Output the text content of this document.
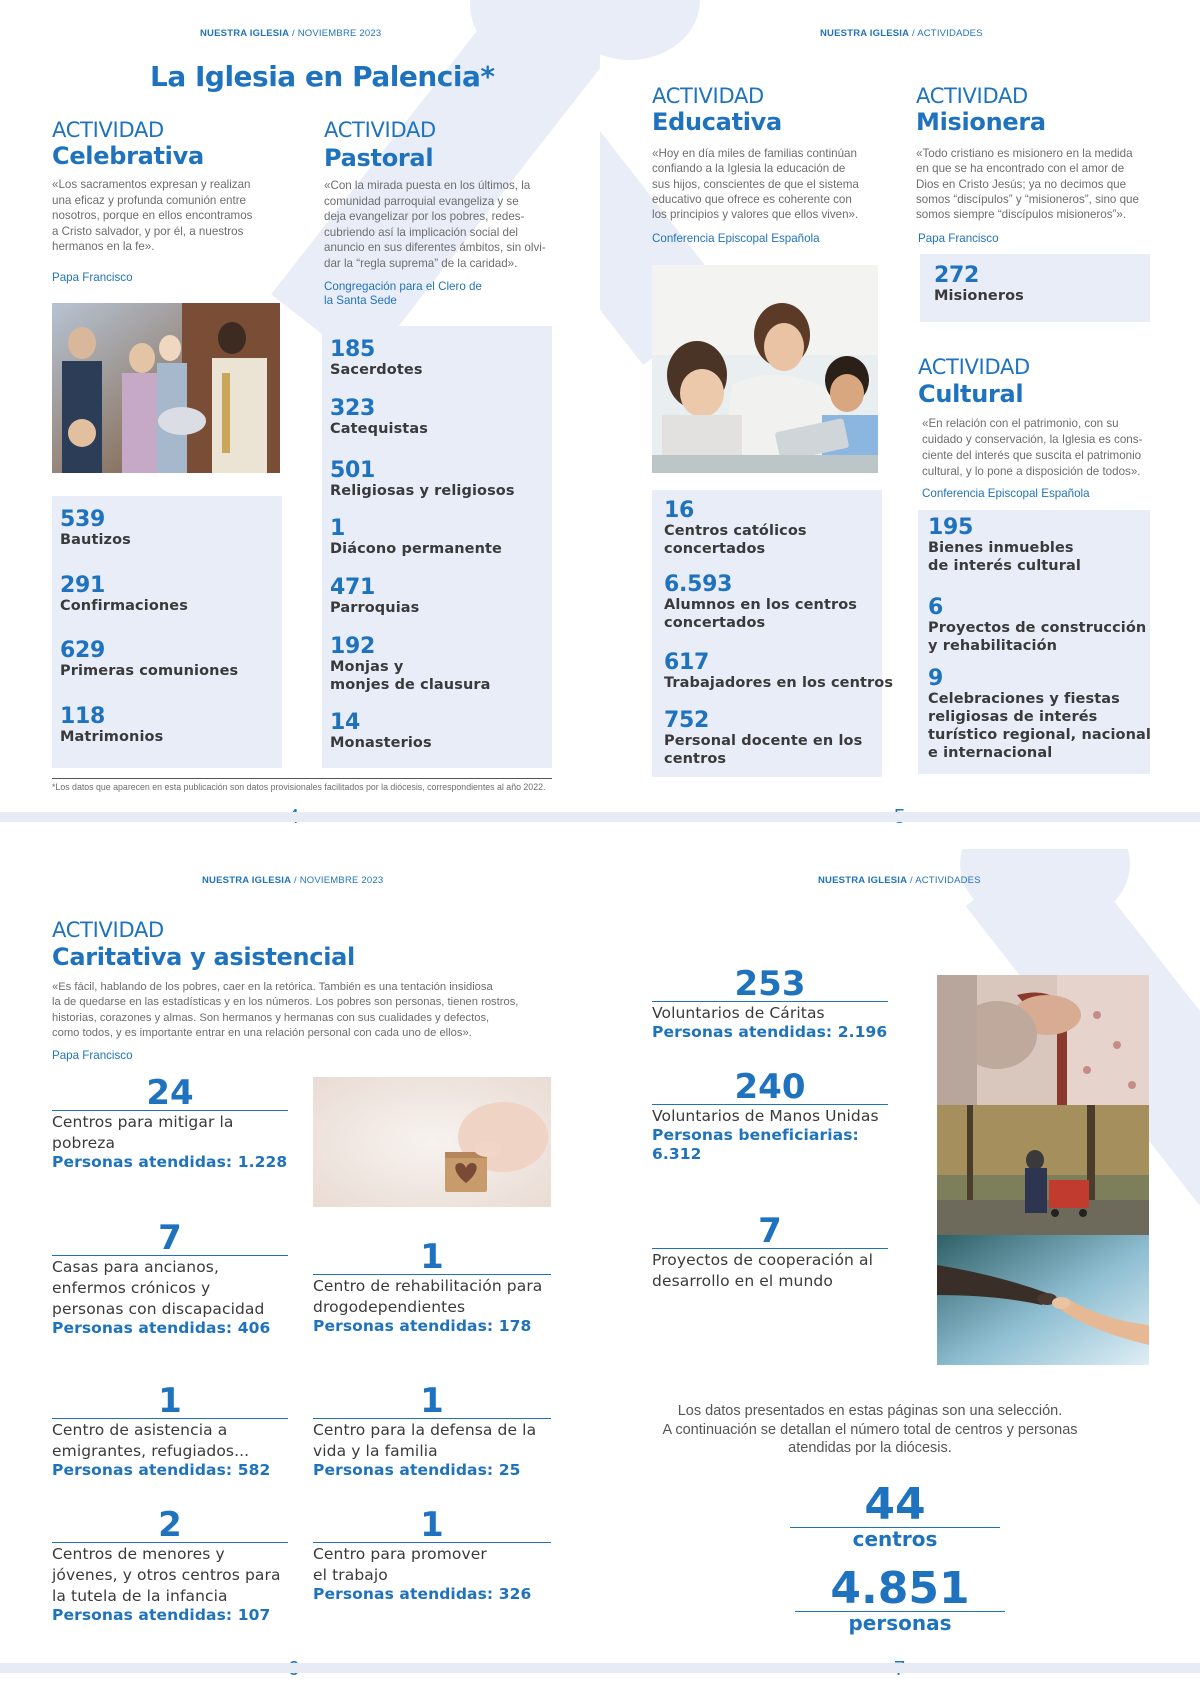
NUESTRA IGLESIA / NOVIEMBRE 2023
La Iglesia en Palencia*
ACTIVIDAD
Celebrativa
«Los sacramentos expresan y realizan
una eficaz y profunda comunión entre
nosotros, porque en ellos encontramos
a Cristo salvador, y por él, a nuestros
hermanos en la fe».
Papa Francisco
539
Bautizos
291
Confirmaciones
629
Primeras comuniones
118
Matrimonios
ACTIVIDAD
Pastoral
«Con la mirada puesta en los últimos, la
comunidad parroquial evangeliza y se
deja evangelizar por los pobres, redes-
cubriendo así la implicación social del
anuncio en sus diferentes ámbitos, sin olvi-
dar la “regla suprema” de la caridad».
Congregación para el Clero de
la Santa Sede
185
Sacerdotes
323
Catequistas
501
Religiosas y religiosos
1
Diácono permanente
471
Parroquias
192
Monjas y
monjes de clausura
14
Monasterios
*Los datos que aparecen en esta publicación son datos provisionales facilitados por la diócesis, correspondientes al año 2022.
NUESTRA IGLESIA / ACTIVIDADES
ACTIVIDAD
Educativa
«Hoy en día miles de familias continúan
confiando a la Iglesia la educación de
sus hijos, conscientes de que el sistema
educativo que ofrece es coherente con
los principios y valores que ellos viven».
Conferencia Episcopal Española
16
Centros católicos
concertados
6.593
Alumnos en los centros
concertados
617
Trabajadores en los centros
752
Personal docente en los
centros
ACTIVIDAD
Misionera
«Todo cristiano es misionero en la medida
en que se ha encontrado con el amor de
Dios en Cristo Jesús; ya no decimos que
somos “discípulos” y “misioneros”, sino que
somos siempre “discípulos misioneros”».
Papa Francisco
272
Misioneros
ACTIVIDAD
Cultural
«En relación con el patrimonio, con su
cuidado y conservación, la Iglesia es cons-
ciente del interés que suscita el patrimonio
cultural, y lo pone a disposición de todos».
Conferencia Episcopal Española
195
Bienes inmuebles
de interés cultural
6
Proyectos de construcción
y rehabilitación
9
Celebraciones y fiestas
religiosas de interés
turístico regional, nacional
e internacional
NUESTRA IGLESIA / NOVIEMBRE 2023
ACTIVIDAD
Caritativa y asistencial
«Es fácil, hablando de los pobres, caer en la retórica. También es una tentación insidiosa
la de quedarse en las estadísticas y en los números. Los pobres son personas, tienen rostros,
historias, corazones y almas. Son hermanos y hermanas con sus cualidades y defectos,
como todos, y es importante entrar en una relación personal con cada uno de ellos».
Papa Francisco
24
Centros para mitigar la
pobreza
Personas atendidas: 1.228
7
Casas para ancianos,
enfermos crónicos y
personas con discapacidad
Personas atendidas: 406
1
Centro de rehabilitación para
drogodependientes
Personas atendidas: 178
1
Centro de asistencia a
emigrantes, refugiados...
Personas atendidas: 582
1
Centro para la defensa de la
vida y la familia
Personas atendidas: 25
2
Centros de menores y
jóvenes, y otros centros para
la tutela de la infancia
Personas atendidas: 107
1
Centro para promover
el trabajo
Personas atendidas: 326
NUESTRA IGLESIA / ACTIVIDADES
253
Voluntarios de Cáritas
Personas atendidas: 2.196
240
Voluntarios de Manos Unidas
Personas beneficiarias:
6.312
7
Proyectos de cooperación al
desarrollo en el mundo
Los datos presentados en estas páginas son una selección.
A continuación se detallan el número total de centros y personas
atendidas por la diócesis.
44
centros
4.851
personas
